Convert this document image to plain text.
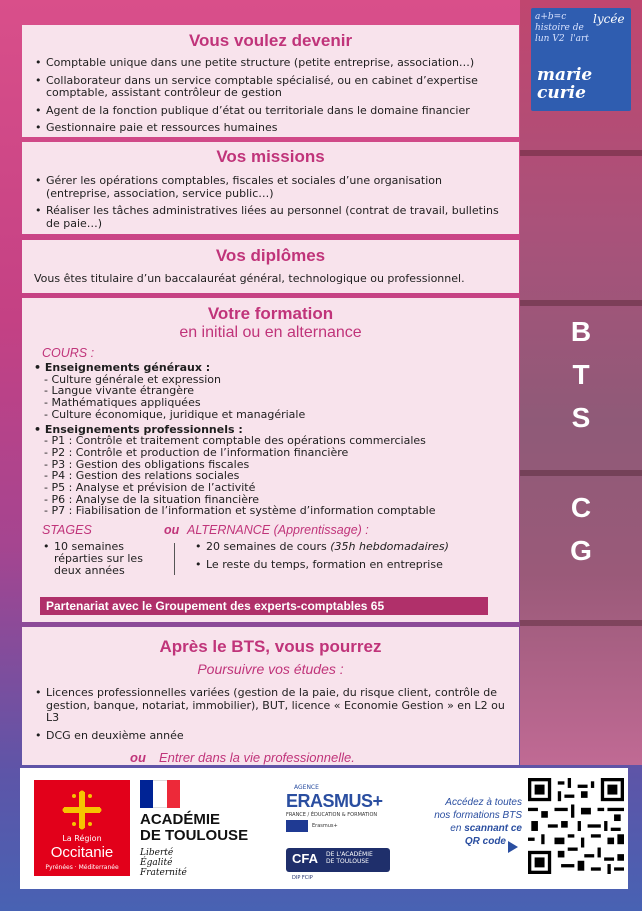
a+b=c
histoire de
lun V2  l'art
lycée
marie curie
B
T
S
C
G
Vous voulez devenir
• Comptable unique dans une petite structure (petite entreprise, association…)
• Collaborateur dans un service comptable spécialisé, ou en cabinet d’expertise comptable, assistant contrôleur de gestion
• Agent de la fonction publique d’état ou territoriale dans le domaine financier
• Gestionnaire paie et ressources humaines
Vos missions
• Gérer les opérations comptables, fiscales et sociales d’une organisation (entreprise, association, service public…)
• Réaliser les tâches administratives liées au personnel (contrat de travail, bulletins de paie…)
Vos diplômes
Vous êtes titulaire d’un baccalauréat général, technologique ou professionnel.
Votre formation
en initial ou en alternance
COURS :
• Enseignements généraux :
- Culture générale et expression
- Langue vivante étrangère
- Mathématiques appliquées
- Culture économique, juridique et managériale
• Enseignements professionnels :
- P1 : Contrôle et traitement comptable des opérations commerciales
- P2 : Contrôle et production de l’information financière
- P3 : Gestion des obligations fiscales
- P4 : Gestion des relations sociales
- P5 : Analyse et prévision de l’activité
- P6 : Analyse de la situation financière
- P7 : Fiabilisation de l’information et système d’information comptable
STAGES	ou ALTERNANCE (Apprentissage) :
• 10 semaines réparties sur les deux années
• 20 semaines de cours (35h hebdomadaires)
• Le reste du temps, formation en entreprise
Partenariat avec le Groupement des experts-comptables 65
Après le BTS, vous pourrez
Poursuivre vos études :
• Licences professionnelles variées (gestion de la paie, du risque client, contrôle de gestion, banque, notariat, immobilier), BUT, licence « Economie Gestion » en L2 ou L3
• DCG en deuxième année
ou Entrer dans la vie professionnelle.
La Région
Occitanie
Pyrénées · Méditerranée
ACADÉMIE
DE TOULOUSE
Liberté
Égalité
Fraternité
AGENCE
ERASMUS+
FRANCE / ÉDUCATION & FORMATION
Erasmus+
CFA DE L'ACADÉMIE
DE TOULOUSE
DIP FCIP
Accédez à toutes
nos formations BTS
en scannant ce
QR code
